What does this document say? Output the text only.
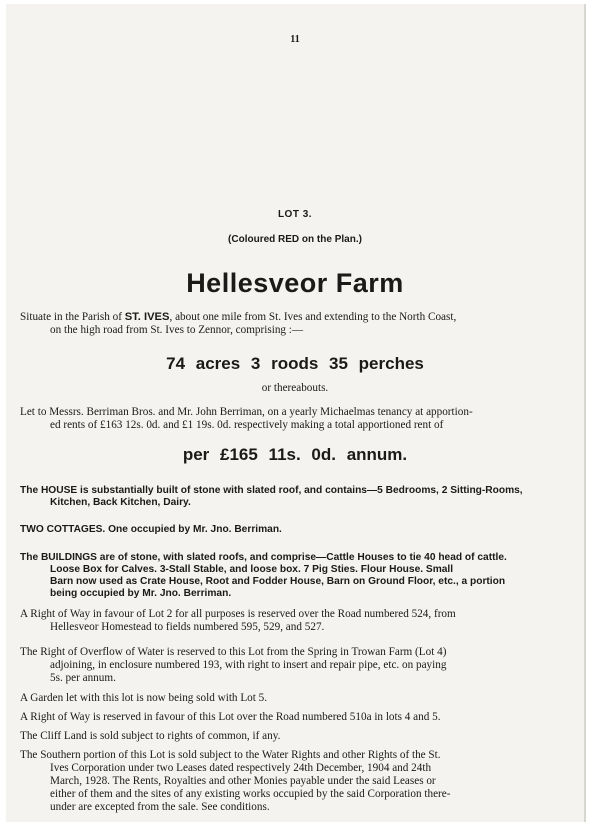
11
LOT 3.
(Coloured RED on the Plan.)
Hellesveor Farm
Situate in the Parish of ST. IVES, about one mile from St. Ives and extending to the North Coast,
on the high road from St. Ives to Zennor, comprising :—
74 acres 3 roods 35 perches
or thereabouts.
Let to Messrs. Berriman Bros. and Mr. John Berriman, on a yearly Michaelmas tenancy at apportion-
ed rents of £163 12s. 0d. and £1 19s. 0d. respectively making a total apportioned rent of
per £165 11s. 0d. annum.
The HOUSE is substantially built of stone with slated roof, and contains—5 Bedrooms, 2 Sitting-Rooms,
Kitchen, Back Kitchen, Dairy.
TWO COTTAGES. One occupied by Mr. Jno. Berriman.
The BUILDINGS are of stone, with slated roofs, and comprise—Cattle Houses to tie 40 head of cattle.
Loose Box for Calves. 3-Stall Stable, and loose box. 7 Pig Sties. Flour House. Small
Barn now used as Crate House, Root and Fodder House, Barn on Ground Floor, etc., a portion
being occupied by Mr. Jno. Berriman.
A Right of Way in favour of Lot 2 for all purposes is reserved over the Road numbered 524, from
Hellesveor Homestead to fields numbered 595, 529, and 527.
The Right of Overflow of Water is reserved to this Lot from the Spring in Trowan Farm (Lot 4)
adjoining, in enclosure numbered 193, with right to insert and repair pipe, etc. on paying
5s. per annum.
A Garden let with this lot is now being sold with Lot 5.
A Right of Way is reserved in favour of this Lot over the Road numbered 510a in lots 4 and 5.
The Cliff Land is sold subject to rights of common, if any.
The Southern portion of this Lot is sold subject to the Water Rights and other Rights of the St.
Ives Corporation under two Leases dated respectively 24th December, 1904 and 24th
March, 1928. The Rents, Royalties and other Monies payable under the said Leases or
either of them and the sites of any existing works occupied by the said Corporation there-
under are excepted from the sale. See conditions.
